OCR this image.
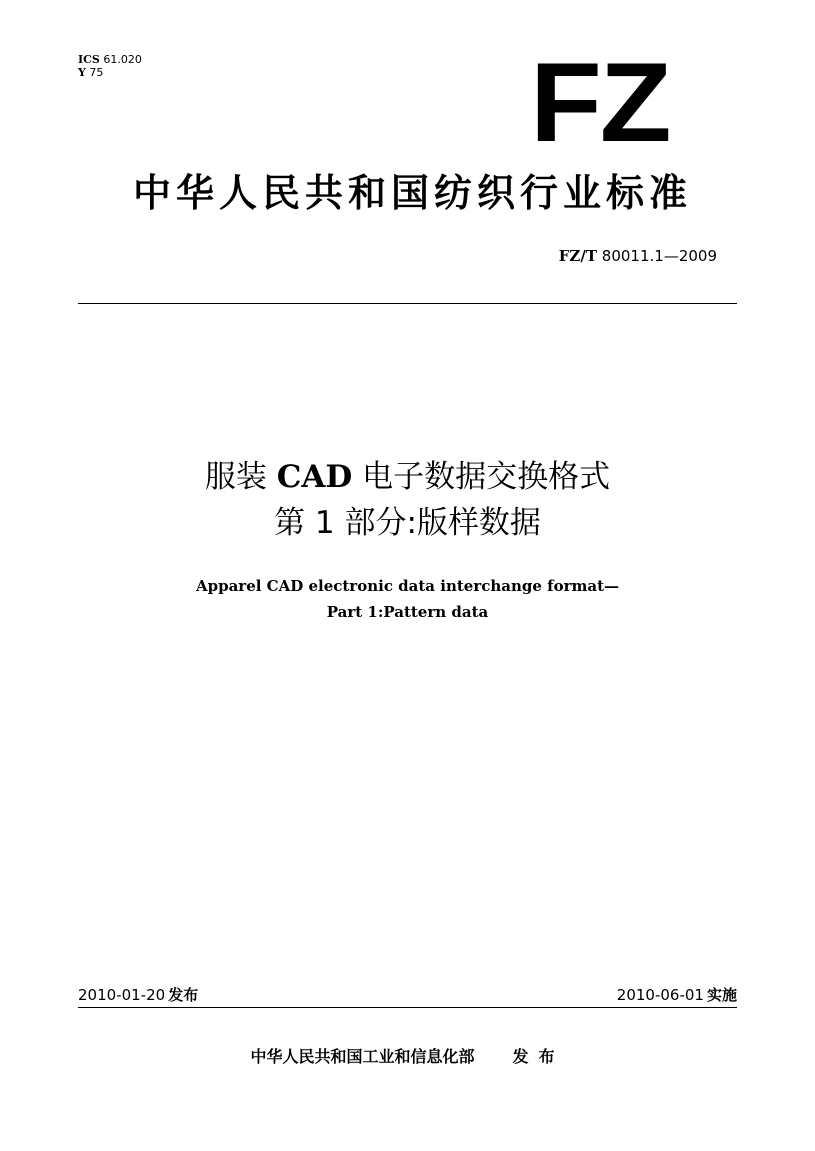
ICS 61.020
Y 75	FZ
中华人民共和国纺织行业标准
FZ/T 80011.1—2009
服装 CAD 电子数据交换格式
第 1 部分:版样数据
Apparel CAD electronic data interchange format—
Part 1:Pattern data
2010-01-20 发布	2010-06-01 实施
中华人民共和国工业和信息化部 发布
